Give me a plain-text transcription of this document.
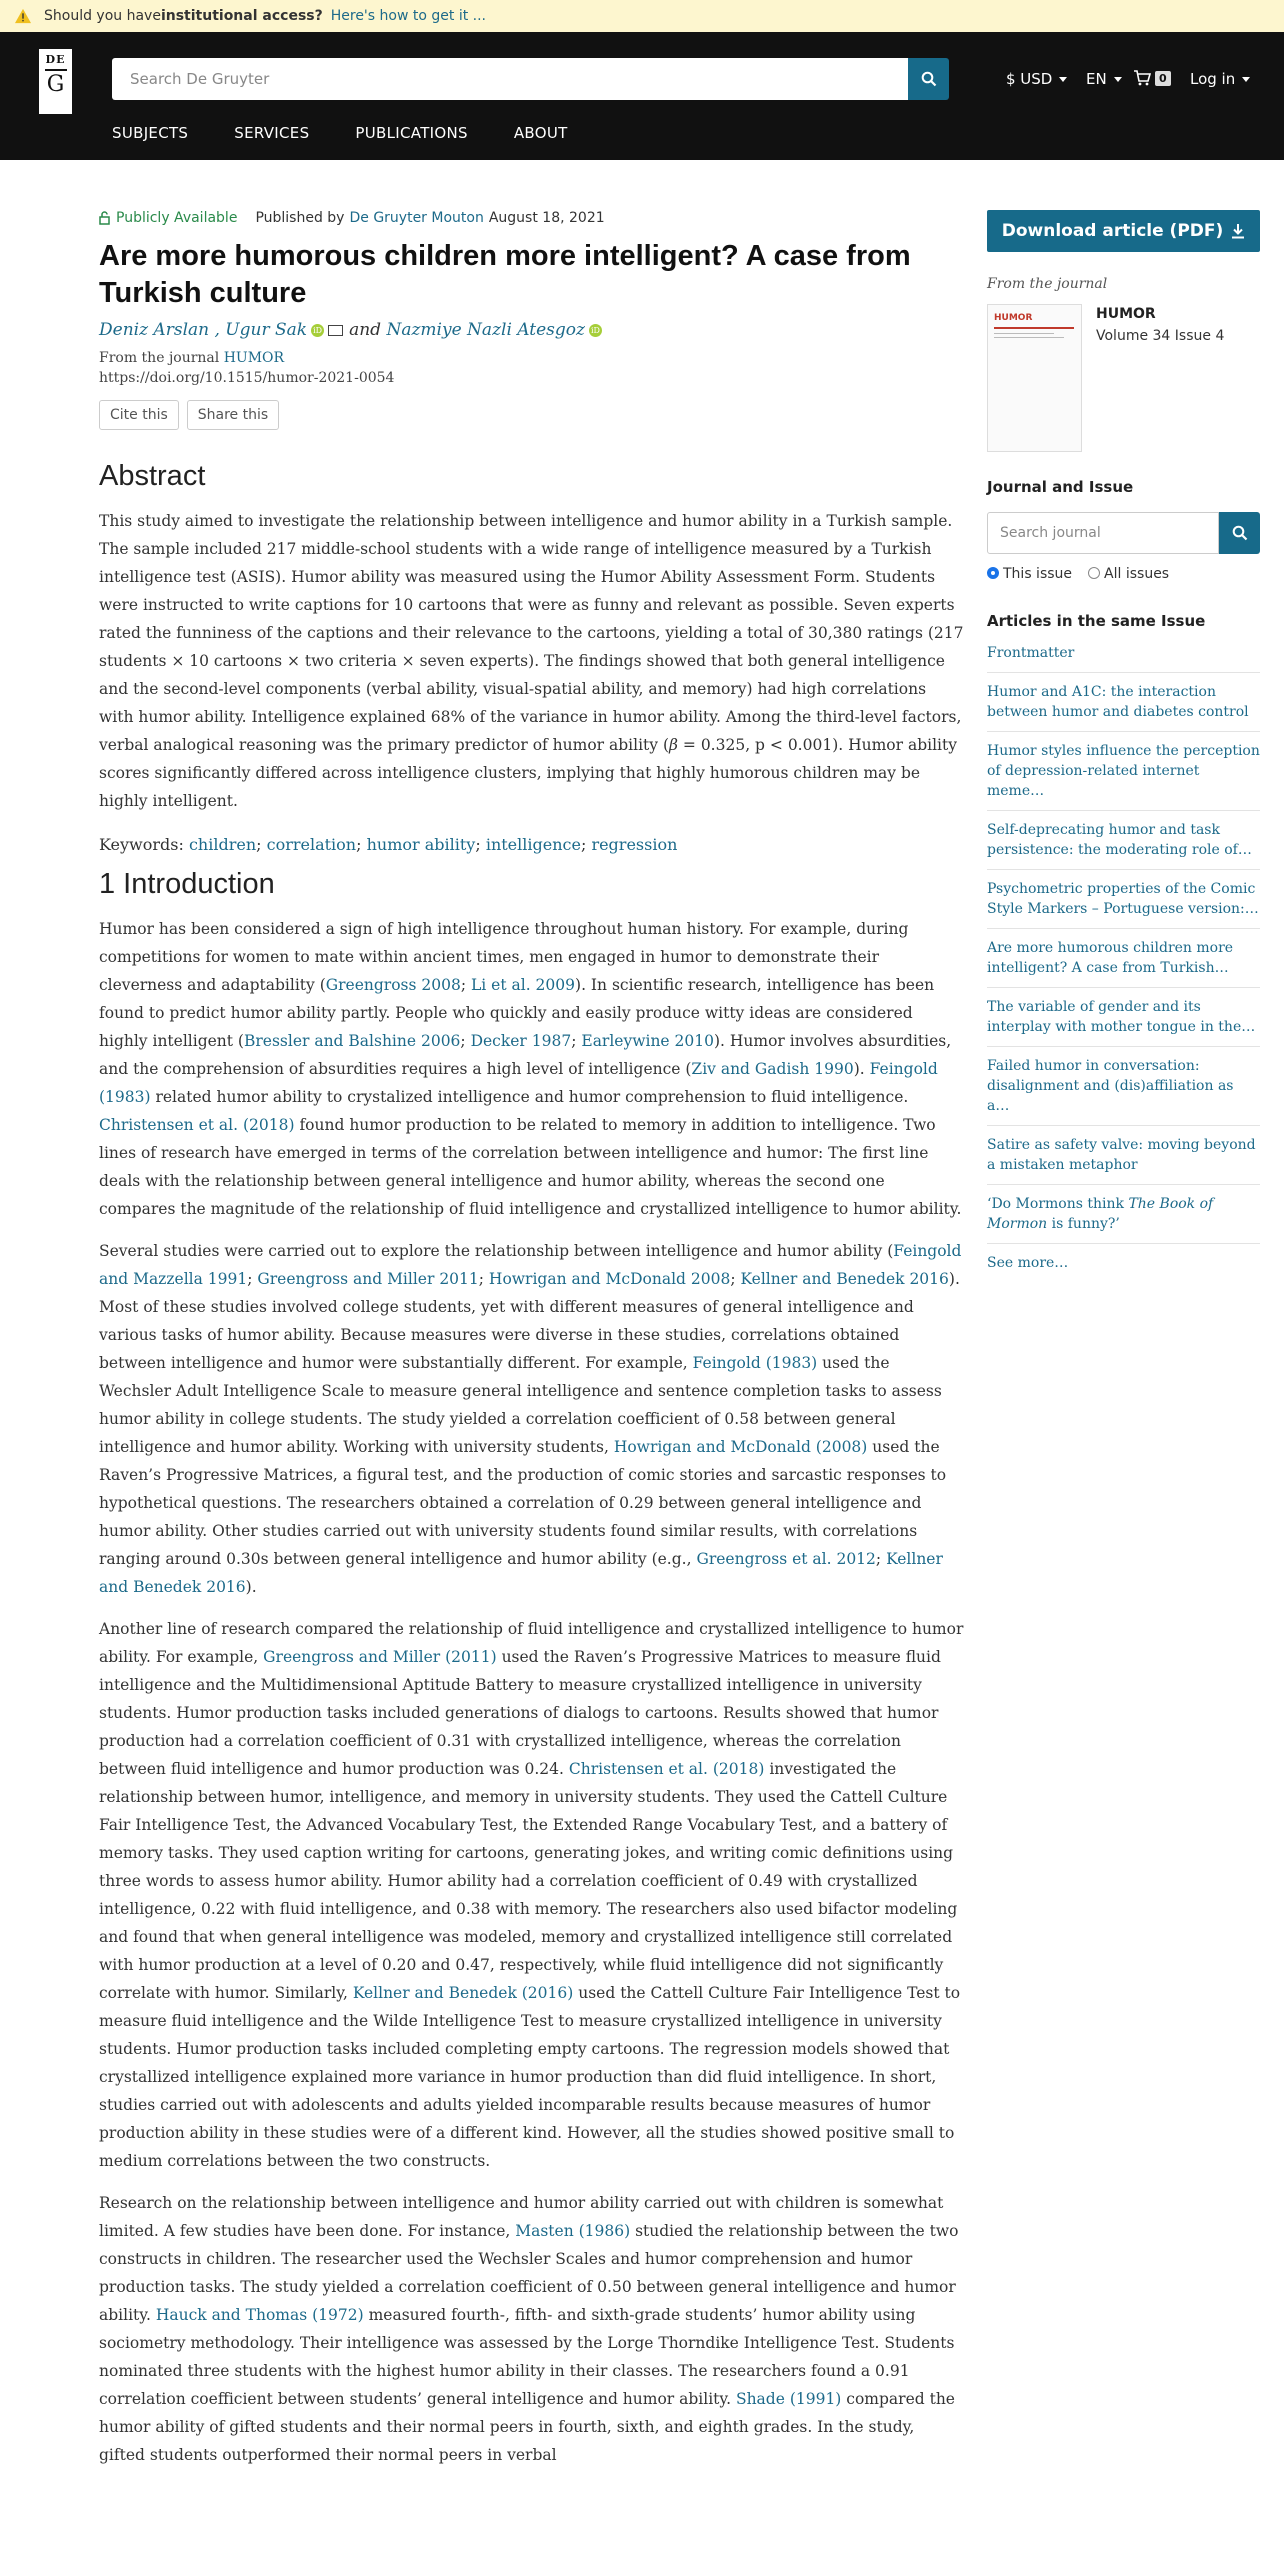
Should you have institutional access? Here's how to get it ...
DE
G	Search De Gruyter	$ USD EN	0 Log in
SUBJECTS	SERVICES	PUBLICATIONS	ABOUT
Publicly Available Published by De Gruyter Mouton August 18, 2021
Are more humorous children more intelligent? A case from Turkish culture
Deniz Arslan
, Ugur Sak iD and
Nazmiye Nazli Atesgoz iD
From the journal HUMOR
https://doi.org/10.1515/humor-2021-0054
Cite this	Share this
Abstract

This study aimed to investigate the relationship between intelligence and humor ability in a Turkish sample. The sample included 217 middle-school students with a wide range of intelligence measured by a Turkish intelligence test (ASIS). Humor ability was measured using the Humor Ability Assessment Form. Students were instructed to write captions for 10 cartoons that were as funny and relevant as possible. Seven experts rated the funniness of the captions and their relevance to the cartoons, yielding a total of 30,380 ratings (217 students × 10 cartoons × two criteria × seven experts). The findings showed that both general intelligence and the second-level components (verbal ability, visual-spatial ability, and memory) had high correlations with humor ability. Intelligence explained 68% of the variance in humor ability. Among the third-level factors, verbal analogical reasoning was the primary predictor of humor ability (β = 0.325, p < 0.001). Humor ability scores significantly differed across intelligence clusters, implying that highly humorous children may be highly intelligent.

Keywords: children; correlation; humor ability; intelligence; regression
1 Introduction

Humor has been considered a sign of high intelligence throughout human history. For example, during competitions for women to mate within ancient times, men engaged in humor to demonstrate their cleverness and adaptability (Greengross 2008; Li et al. 2009). In scientific research, intelligence has been found to predict humor ability partly. People who quickly and easily produce witty ideas are considered highly intelligent (Bressler and Balshine 2006; Decker 1987; Earleywine 2010). Humor involves absurdities, and the comprehension of absurdities requires a high level of intelligence (Ziv and Gadish 1990). Feingold (1983) related humor ability to crystalized intelligence and humor comprehension to fluid intelligence. Christensen et al. (2018) found humor production to be related to memory in addition to intelligence. Two lines of research have emerged in terms of the correlation between intelligence and humor: The first line deals with the relationship between general intelligence and humor ability, whereas the second one compares the magnitude of the relationship of fluid intelligence and crystallized intelligence to humor ability.

Several studies were carried out to explore the relationship between intelligence and humor ability (Feingold and Mazzella 1991; Greengross and Miller 2011; Howrigan and McDonald 2008; Kellner and Benedek 2016). Most of these studies involved college students, yet with different measures of general intelligence and various tasks of humor ability. Because measures were diverse in these studies, correlations obtained between intelligence and humor were substantially different. For example, Feingold (1983) used the Wechsler Adult Intelligence Scale to measure general intelligence and sentence completion tasks to assess humor ability in college students. The study yielded a correlation coefficient of 0.58 between general intelligence and humor ability. Working with university students, Howrigan and McDonald (2008) used the Raven’s Progressive Matrices, a figural test, and the production of comic stories and sarcastic responses to hypothetical questions. The researchers obtained a correlation of 0.29 between general intelligence and humor ability. Other studies carried out with university students found similar results, with correlations ranging around 0.30s between general intelligence and humor ability (e.g., Greengross et al. 2012; Kellner and Benedek 2016).

Another line of research compared the relationship of fluid intelligence and crystallized intelligence to humor ability. For example, Greengross and Miller (2011) used the Raven’s Progressive Matrices to measure fluid intelligence and the Multidimensional Aptitude Battery to measure crystallized intelligence in university students. Humor production tasks included generations of dialogs to cartoons. Results showed that humor production had a correlation coefficient of 0.31 with crystallized intelligence, whereas the correlation between fluid intelligence and humor production was 0.24. Christensen et al. (2018) investigated the relationship between humor, intelligence, and memory in university students. They used the Cattell Culture Fair Intelligence Test, the Advanced Vocabulary Test, the Extended Range Vocabulary Test, and a battery of memory tasks. They used caption writing for cartoons, generating jokes, and writing comic definitions using three words to assess humor ability. Humor ability had a correlation coefficient of 0.49 with crystallized intelligence, 0.22 with fluid intelligence, and 0.38 with memory. The researchers also used bifactor modeling and found that when general intelligence was modeled, memory and crystallized intelligence still correlated with humor production at a level of 0.20 and 0.47, respectively, while fluid intelligence did not significantly correlate with humor. Similarly, Kellner and Benedek (2016) used the Cattell Culture Fair Intelligence Test to measure fluid intelligence and the Wilde Intelligence Test to measure crystallized intelligence in university students. Humor production tasks included completing empty cartoons. The regression models showed that crystallized intelligence explained more variance in humor production than did fluid intelligence. In short, studies carried out with adolescents and adults yielded incomparable results because measures of humor production ability in these studies were of a different kind. However, all the studies showed positive small to medium correlations between the two constructs.

Research on the relationship between intelligence and humor ability carried out with children is somewhat limited. A few studies have been done. For instance, Masten (1986) studied the relationship between the two constructs in children. The researcher used the Wechsler Scales and humor comprehension and humor production tasks. The study yielded a correlation coefficient of 0.50 between general intelligence and humor ability. Hauck and Thomas (1972) measured fourth-, fifth- and sixth-grade students’ humor ability using sociometry methodology. Their intelligence was assessed by the Lorge Thorndike Intelligence Test. Students nominated three students with the highest humor ability in their classes. The researchers found a 0.91 correlation coefficient between students’ general intelligence and humor ability. Shade (1991) compared the humor ability of gifted students and their normal peers in fourth, sixth, and eighth grades. In the study, gifted students outperformed their normal peers in verbal

Download article (PDF)
From the journal
HUMOR	HUMOR
Volume 34 Issue 4
Journal and Issue
Search journal
This issue	All issues
Articles in the same Issue
Frontmatter
Humor and A1C: the interaction between humor and diabetes control
Humor styles influence the perception of depression-related internet meme…
Self-deprecating humor and task persistence: the moderating role of…
Psychometric properties of the Comic Style Markers – Portuguese version:…
Are more humorous children more intelligent? A case from Turkish…
The variable of gender and its interplay with mother tongue in the…
Failed humor in conversation: disalignment and (dis)affiliation as a…
Satire as safety valve: moving beyond a mistaken metaphor
‘Do Mormons think The Book of Mormon is funny?’
See more…
